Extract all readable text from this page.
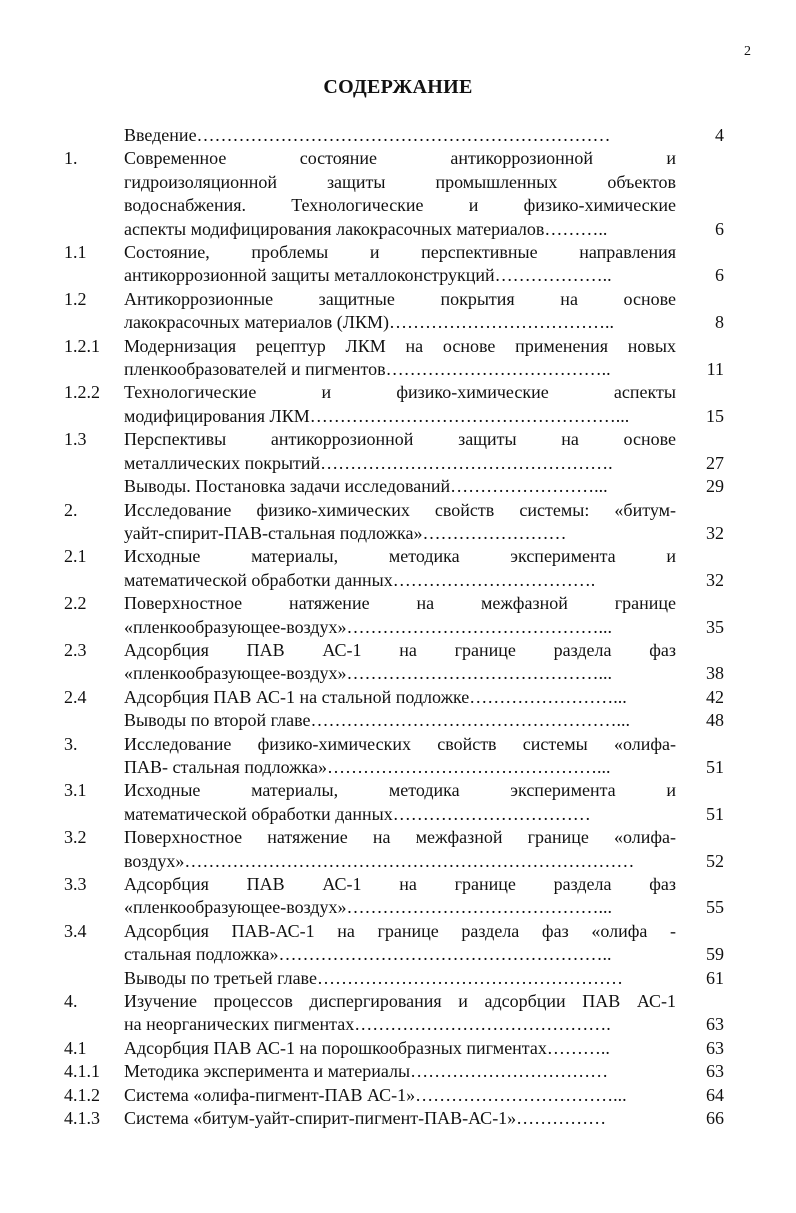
2
СОДЕРЖАНИЕ
Введение……………………………………………………………	4
1.	Современное состояние антикоррозионной и
гидроизоляционной защиты промышленных объектов
водоснабжения. Технологические и физико-химические
аспекты модифицирования лакокрасочных материалов………..	6
1.1	Состояние, проблемы и перспективные направления
антикоррозионной защиты металлоконструкций………………..	6
1.2	Антикоррозионные защитные покрытия на основе
лакокрасочных материалов (ЛКМ)………………………………..	8
1.2.1	Модернизация рецептур ЛКМ на основе применения новых
пленкообразователей и пигментов………………………………..	11
1.2.2	Технологические и физико-химические аспекты
модифицирования ЛКМ……………………………………………...	15
1.3	Перспективы антикоррозионной защиты на основе
металлических покрытий………………………………………….	27
Выводы. Постановка задачи исследований……………………...	29
2.	Исследование физико-химических свойств системы: «битум-
уайт-спирит-ПАВ-стальная подложка»……………………	32
2.1	Исходные материалы, методика эксперимента и
математической обработки данных…………………………….	32
2.2	Поверхностное натяжение на межфазной границе
«пленкообразующее-воздух»……………………………………...	35
2.3	Адсорбция ПАВ АС-1 на границе раздела фаз
«пленкообразующее-воздух»……………………………………...	38
2.4	Адсорбция ПАВ АС-1 на стальной подложке……………………...	42
Выводы по второй главе……………………………………………...	48
3.	Исследование физико-химических свойств системы «олифа-
ПАВ- стальная подложка»………………………………………...	51
3.1	Исходные материалы, методика эксперимента и
математической обработки данных……………………………	51
3.2	Поверхностное натяжение на межфазной границе «олифа-
воздух»…………………………………………………………………	52
3.3	Адсорбция ПАВ АС-1 на границе раздела фаз
«пленкообразующее-воздух»……………………………………...	55
3.4	Адсорбция ПАВ-АС-1 на границе раздела фаз «олифа -
стальная подложка»………………………………………………..	59
Выводы по третьей главе……………………………………………	61
4.	Изучение процессов диспергирования и адсорбции ПАВ АС-1
на неорганических пигментах…………………………………….	63
4.1	Адсорбция ПАВ АС-1 на порошкообразных пигментах………..	63
4.1.1	Методика эксперимента и материалы……………………………	63
4.1.2	Система «олифа-пигмент-ПАВ АС-1»……………………………...	64
4.1.3	Система «битум-уайт-спирит-пигмент-ПАВ-АС-1»……………	66
